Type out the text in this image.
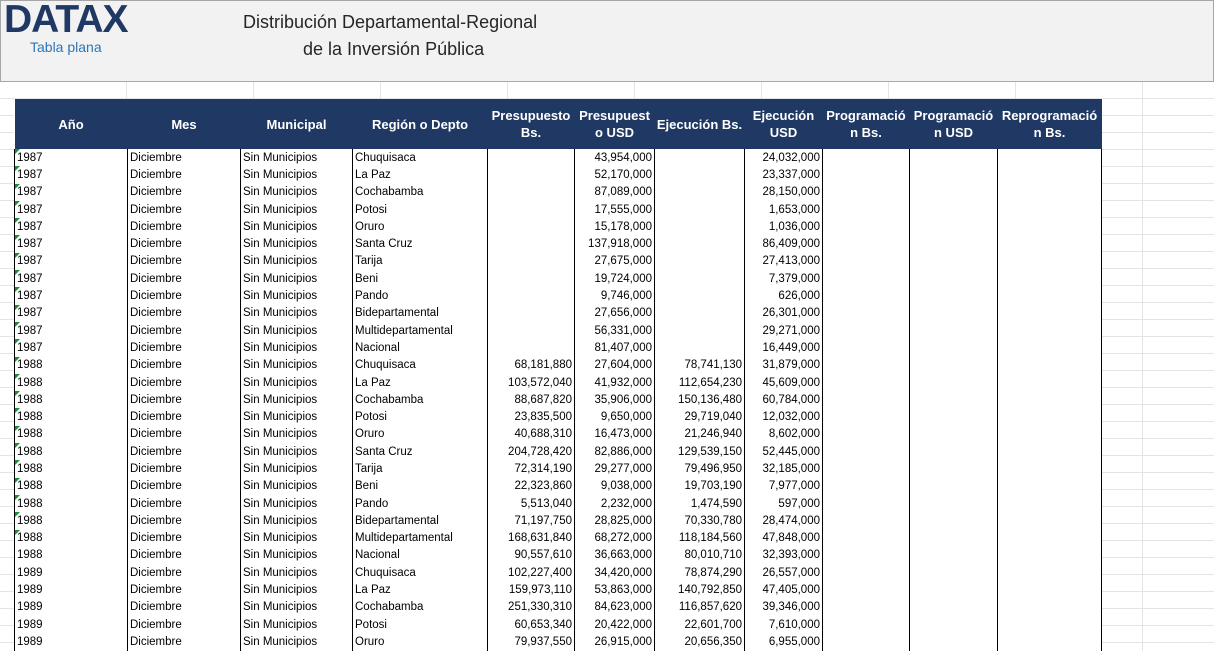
DATAX
Tabla plana
Distribución Departamental-Regional
de la Inversión Pública
Año	Mes	Municipal	Región o Depto	Presupuesto Bs.	Presupuesto USD	Ejecución Bs.	Ejecución USD	Programación Bs.	Programación USD	Reprogramación Bs.
1987	Diciembre	Sin Municipios	Chuquisaca		43,954,000		24,032,000			
1987	Diciembre	Sin Municipios	La Paz		52,170,000		23,337,000			
1987	Diciembre	Sin Municipios	Cochabamba		87,089,000		28,150,000			
1987	Diciembre	Sin Municipios	Potosi		17,555,000		1,653,000			
1987	Diciembre	Sin Municipios	Oruro		15,178,000		1,036,000			
1987	Diciembre	Sin Municipios	Santa Cruz		137,918,000		86,409,000			
1987	Diciembre	Sin Municipios	Tarija		27,675,000		27,413,000			
1987	Diciembre	Sin Municipios	Beni		19,724,000		7,379,000			
1987	Diciembre	Sin Municipios	Pando		9,746,000		626,000			
1987	Diciembre	Sin Municipios	Bidepartamental		27,656,000		26,301,000			
1987	Diciembre	Sin Municipios	Multidepartamental		56,331,000		29,271,000			
1987	Diciembre	Sin Municipios	Nacional		81,407,000		16,449,000			
1988	Diciembre	Sin Municipios	Chuquisaca	68,181,880	27,604,000	78,741,130	31,879,000			
1988	Diciembre	Sin Municipios	La Paz	103,572,040	41,932,000	112,654,230	45,609,000			
1988	Diciembre	Sin Municipios	Cochabamba	88,687,820	35,906,000	150,136,480	60,784,000			
1988	Diciembre	Sin Municipios	Potosi	23,835,500	9,650,000	29,719,040	12,032,000			
1988	Diciembre	Sin Municipios	Oruro	40,688,310	16,473,000	21,246,940	8,602,000			
1988	Diciembre	Sin Municipios	Santa Cruz	204,728,420	82,886,000	129,539,150	52,445,000			
1988	Diciembre	Sin Municipios	Tarija	72,314,190	29,277,000	79,496,950	32,185,000			
1988	Diciembre	Sin Municipios	Beni	22,323,860	9,038,000	19,703,190	7,977,000			
1988	Diciembre	Sin Municipios	Pando	5,513,040	2,232,000	1,474,590	597,000			
1988	Diciembre	Sin Municipios	Bidepartamental	71,197,750	28,825,000	70,330,780	28,474,000			
1988	Diciembre	Sin Municipios	Multidepartamental	168,631,840	68,272,000	118,184,560	47,848,000			
1988	Diciembre	Sin Municipios	Nacional	90,557,610	36,663,000	80,010,710	32,393,000			
1989	Diciembre	Sin Municipios	Chuquisaca	102,227,400	34,420,000	78,874,290	26,557,000			
1989	Diciembre	Sin Municipios	La Paz	159,973,110	53,863,000	140,792,850	47,405,000			
1989	Diciembre	Sin Municipios	Cochabamba	251,330,310	84,623,000	116,857,620	39,346,000			
1989	Diciembre	Sin Municipios	Potosi	60,653,340	20,422,000	22,601,700	7,610,000			
1989	Diciembre	Sin Municipios	Oruro	79,937,550	26,915,000	20,656,350	6,955,000			
